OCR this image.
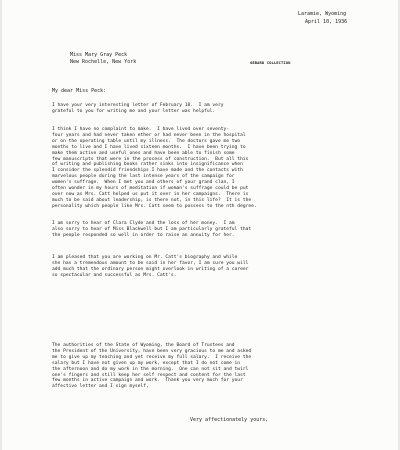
Laramie, Wyoming
April 10, 1936
Miss Mary Gray Peck
New Rochelle, New York	GEBARD COLLECTION
My dear Miss Peck:
I have your very interesting letter of February 18.  I am very
grateful to you for writing me and your letter was helpful.
I think I have no complaint to make.  I have lived over seventy-
four years and had never taken ether or had never been in the hospital
or on the operating table until my illness.  The doctors gave me two
months to live and I have lived sixteen months.  I have been trying to
make them active and useful ones and have been able to finish some
few manuscripts that were in the process of construction.  But all this
of writing and publishing books rather sinks into insignificance when
I consider the splendid friendships I have made and the contacts with
marvelous people during the last intense years of the campaign for
women's suffrage.  When I met you and others of your grand clan, I
often wonder in my hours of meditation if woman's suffrage could be put
over now as Mrs. Catt helped us put it over in her campaigns.  There is
much to be said about leadership, is there not, in this life?  It is the
personality which people like Mrs. Catt seem to possess to the nth degree.
I am sorry to hear of Clara Clyde and the loss of her money.  I am
also sorry to hear of Miss Blackwell but I am particularly grateful that
the people responded so well in order to raise an annuity for her.
I am pleased that you are working on Mr. Catt's biography and while
she has a tremendous amount to be said in her favor, I am sure you will
add much that the ordinary person might overlook in writing of a career
so spectacular and successful as Mrs. Catt's.
The authorities of the State of Wyoming, the Board of Trustees and
the President of the University, have been very gracious to me and asked
me to give up my teaching and yet receive my full salary.  I receive the
salary but I have not given up my work, except that I do not come in
the afternoon and do my work in the morning.  One can not sit and twirl
one's fingers and still keep her self respect and content for the last
few months in active campaign and work.  Thank you very much for your
affective letter and I sign myself,
Very affectionately yours,
